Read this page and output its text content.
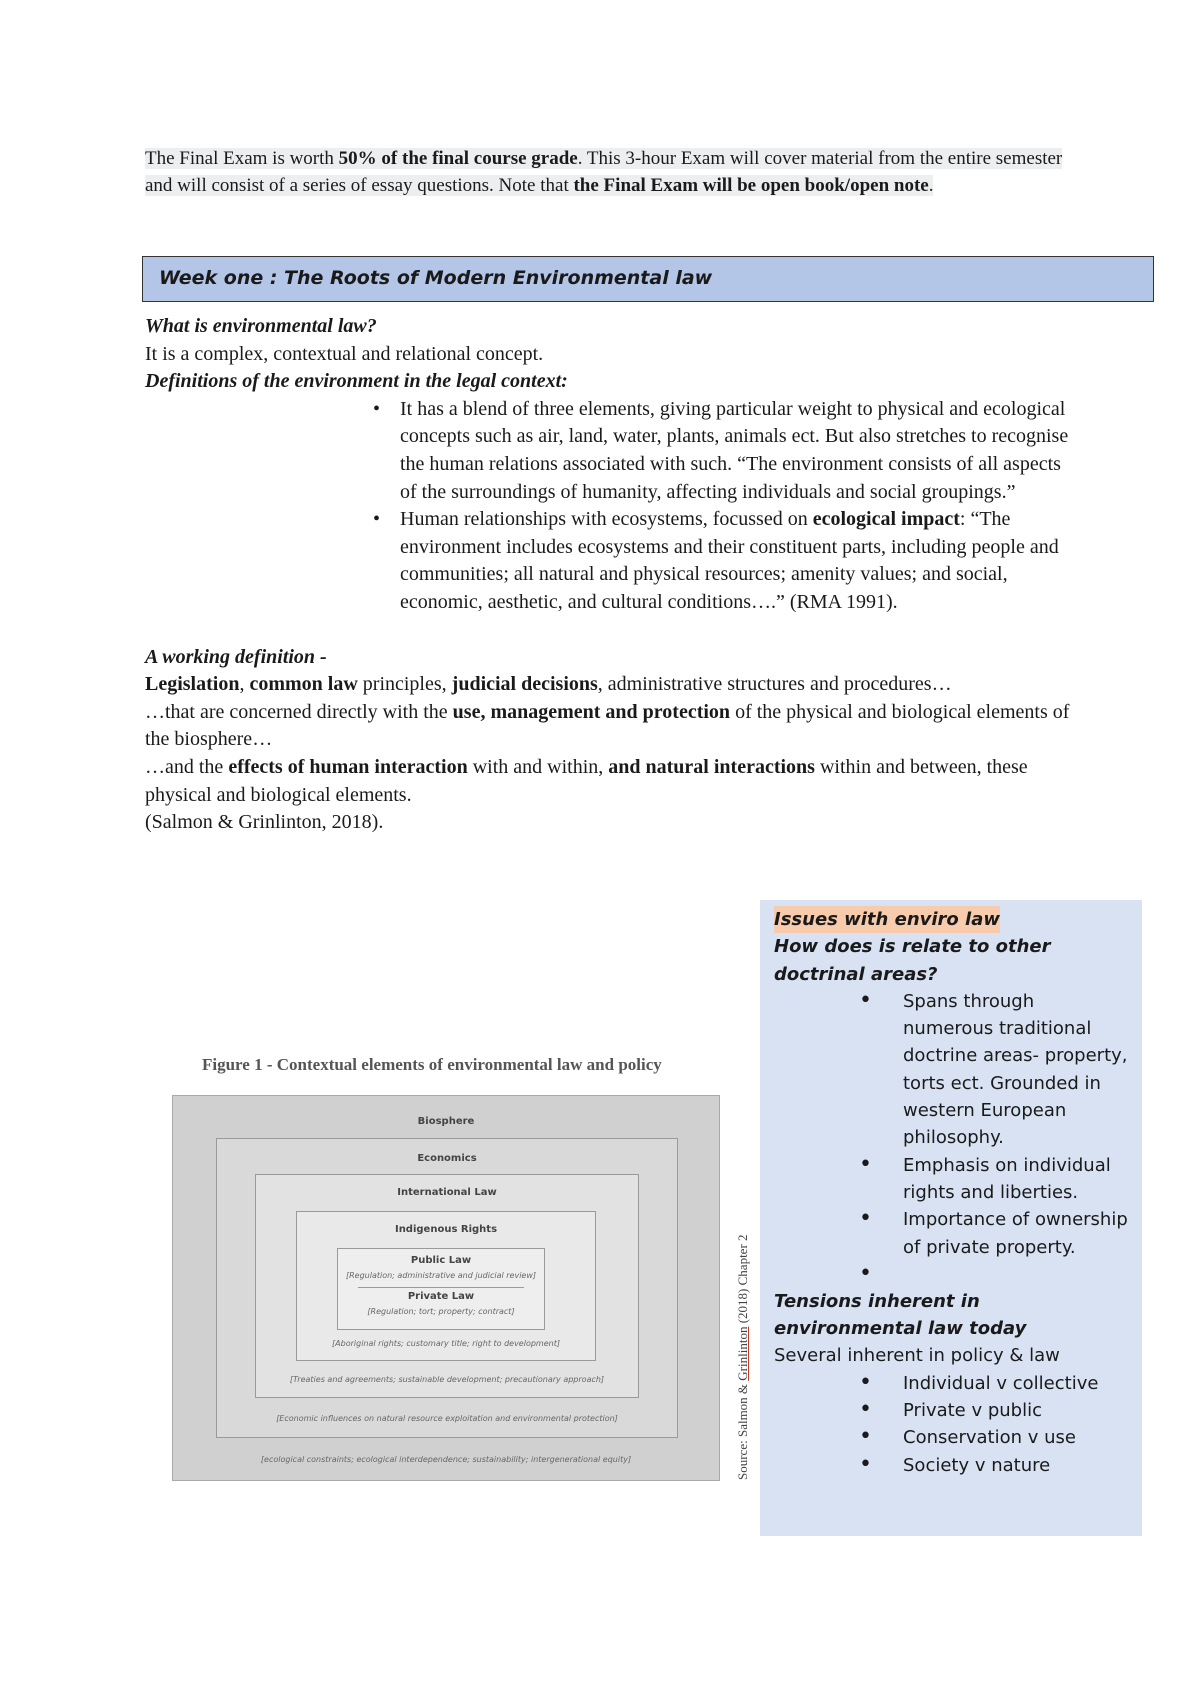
The Final Exam is worth 50% of the final course grade. This 3-hour Exam will cover material from the entire semester and will consist of a series of essay questions. Note that the Final Exam will be open book/open note.
Week one : The Roots of Modern Environmental law

What is environmental law?

It is a complex, contextual and relational concept.

Definitions of the environment in the legal context:

• It has a blend of three elements, giving particular weight to physical and ecological concepts such as air, land, water, plants, animals ect. But also stretches to recognise the human relations associated with such. “The environment consists of all aspects of the surroundings of humanity, affecting individuals and social groupings.”
• Human relationships with ecosystems, focussed on ecological impact: “The environment includes ecosystems and their constituent parts, including people and communities; all natural and physical resources; amenity values; and social, economic, aesthetic, and cultural conditions….” (RMA 1991).

A working definition -

Legislation, common law principles, judicial decisions, administrative structures and procedures…

…that are concerned directly with the use, management and protection of the physical and biological elements of the biosphere…

…and the effects of human interaction with and within, and natural interactions within and between, these physical and biological elements.

(Salmon & Grinlinton, 2018).

Figure 1 - Contextual elements of environmental law and policy
Biosphere
[ecological constraints; ecological interdependence; sustainability; intergenerational equity]
Economics
[Economic influences on natural resource exploitation and environmental protection]
International Law
[Treaties and agreements; sustainable development; precautionary approach]
Indigenous Rights
[Aboriginal rights; customary title; right to development]
Public Law
[Regulation; administrative and judicial review]
Private Law
[Regulation; tort; property; contract]
Source: Salmon & Grinlinton (2018) Chapter 2

Issues with enviro law

How does is relate to other doctrinal areas?

• Spans through numerous traditional doctrine areas- property, torts ect. Grounded in western European philosophy.
• Emphasis on individual rights and liberties.
• Importance of ownership of private property.
•

Tensions inherent in environmental law today

Several inherent in policy & law

• Individual v collective
• Private v public
• Conservation v use
• Society v nature
